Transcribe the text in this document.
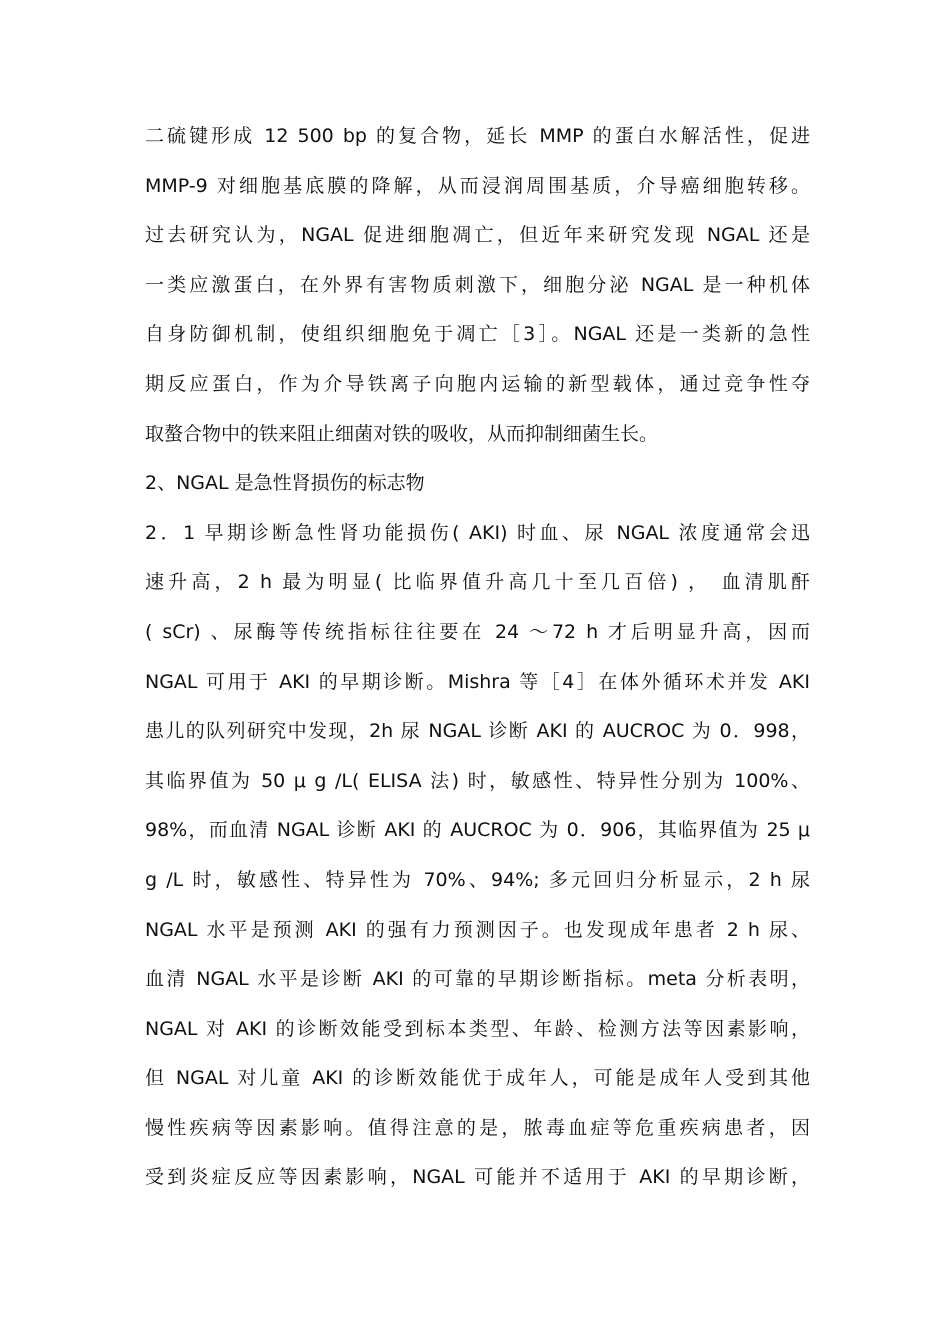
二硫键形成 12 500 bp 的复合物，延长 MMP 的蛋白水解活性，促进
MMP-9 对细胞基底膜的降解，从而浸润周围基质，介导癌细胞转移。
过去研究认为，NGAL 促进细胞凋亡，但近年来研究发现 NGAL 还是
一类应激蛋白，在外界有害物质刺激下，细胞分泌 NGAL 是一种机体
自身防御机制，使组织细胞免于凋亡［3］。NGAL 还是一类新的急性
期反应蛋白，作为介导铁离子向胞内运输的新型载体，通过竞争性夺
取螯合物中的铁来阻止细菌对铁的吸收，从而抑制细菌生长。
2、NGAL 是急性肾损伤的标志物
2．1 早期诊断急性肾功能损伤( AKI) 时血、尿 NGAL 浓度通常会迅
速升高，2 h 最为明显( 比临界值升高几十至几百倍) ， 血清肌酐
( sCr) 、尿酶等传统指标往往要在 24 ～72 h 才后明显升高，因而
NGAL 可用于 AKI 的早期诊断。Mishra 等［4］在体外循环术并发 AKI
患儿的队列研究中发现，2h 尿 NGAL 诊断 AKI 的 AUCROC 为 0．998，
其临界值为 50 μ g /L( ELISA 法) 时，敏感性、特异性分别为 100%、
98%，而血清 NGAL 诊断 AKI 的 AUCROC 为 0．906，其临界值为 25 μ
g /L 时，敏感性、特异性为 70%、94%; 多元回归分析显示，2 h 尿
NGAL 水平是预测 AKI 的强有力预测因子。也发现成年患者 2 h 尿、
血清 NGAL 水平是诊断 AKI 的可靠的早期诊断指标。meta 分析表明，
NGAL 对 AKI 的诊断效能受到标本类型、年龄、检测方法等因素影响，
但 NGAL 对儿童 AKI 的诊断效能优于成年人，可能是成年人受到其他
慢性疾病等因素影响。值得注意的是，脓毒血症等危重疾病患者，因
受到炎症反应等因素影响，NGAL 可能并不适用于 AKI 的早期诊断，
